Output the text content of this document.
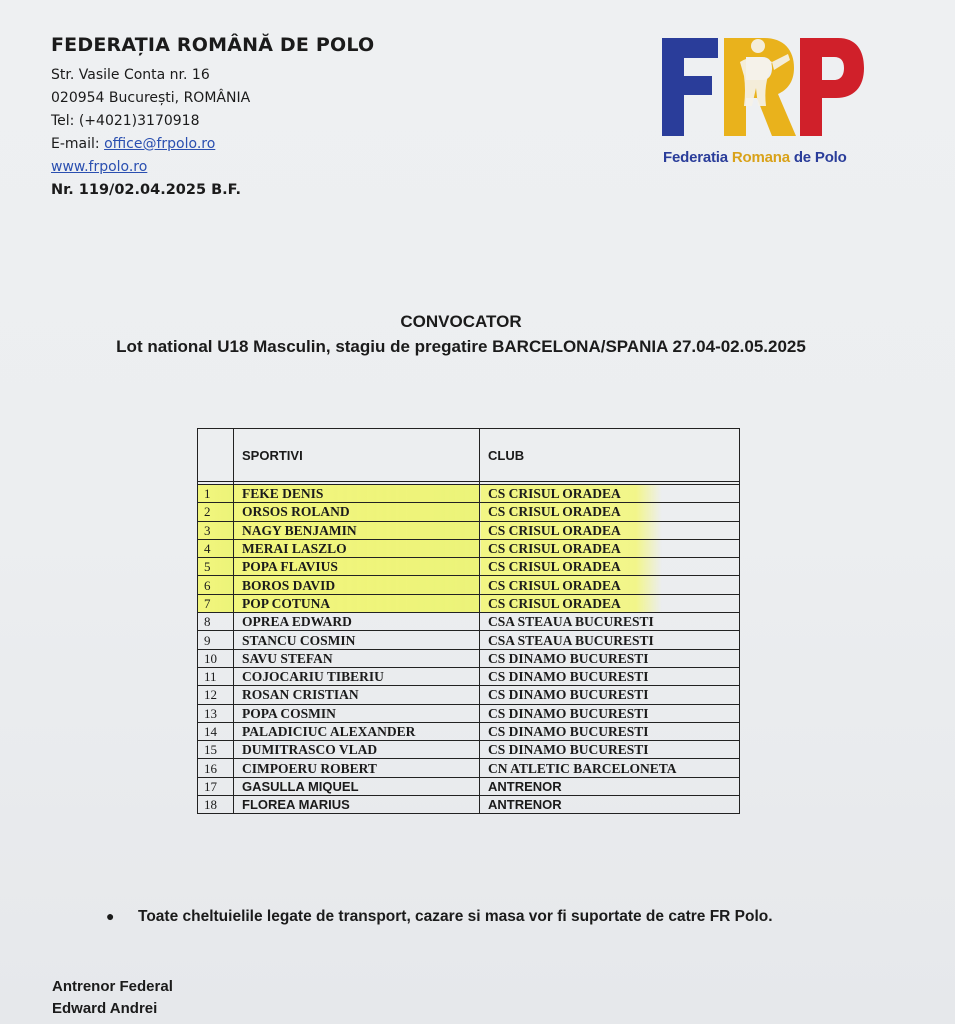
FEDERAȚIA ROMÂNĂ DE POLO
Str. Vasile Conta nr. 16
020954 București, ROMÂNIA
Tel: (+4021)3170918
E-mail: office@frpolo.ro
www.frpolo.ro
Nr. 119/02.04.2025 B.F.
Federatia Romana de Polo
CONVOCATOR
Lot national U18 Masculin, stagiu de pregatire BARCELONA/SPANIA 27.04-02.05.2025
	SPORTIVI	CLUB

1	FEKE DENIS	CS CRISUL ORADEA
2	ORSOS ROLAND	CS CRISUL ORADEA
3	NAGY BENJAMIN	CS CRISUL ORADEA
4	MERAI LASZLO	CS CRISUL ORADEA
5	POPA FLAVIUS	CS CRISUL ORADEA
6	BOROS DAVID	CS CRISUL ORADEA
7	POP COTUNA	CS CRISUL ORADEA
8	OPREA EDWARD	CSA STEAUA BUCURESTI
9	STANCU COSMIN	CSA STEAUA BUCURESTI
10	SAVU STEFAN	CS DINAMO BUCURESTI
11	COJOCARIU TIBERIU	CS DINAMO BUCURESTI
12	ROSAN CRISTIAN	CS DINAMO BUCURESTI
13	POPA COSMIN	CS DINAMO BUCURESTI
14	PALADICIUC ALEXANDER	CS DINAMO BUCURESTI
15	DUMITRASCO VLAD	CS DINAMO BUCURESTI
16	CIMPOERU ROBERT	CN ATLETIC BARCELONETA
17	GASULLA MIQUEL	ANTRENOR
18	FLOREA MARIUS	ANTRENOR
● Toate cheltuielile legate de transport, cazare si masa vor fi suportate de catre FR Polo.
Antrenor Federal
Edward Andrei
